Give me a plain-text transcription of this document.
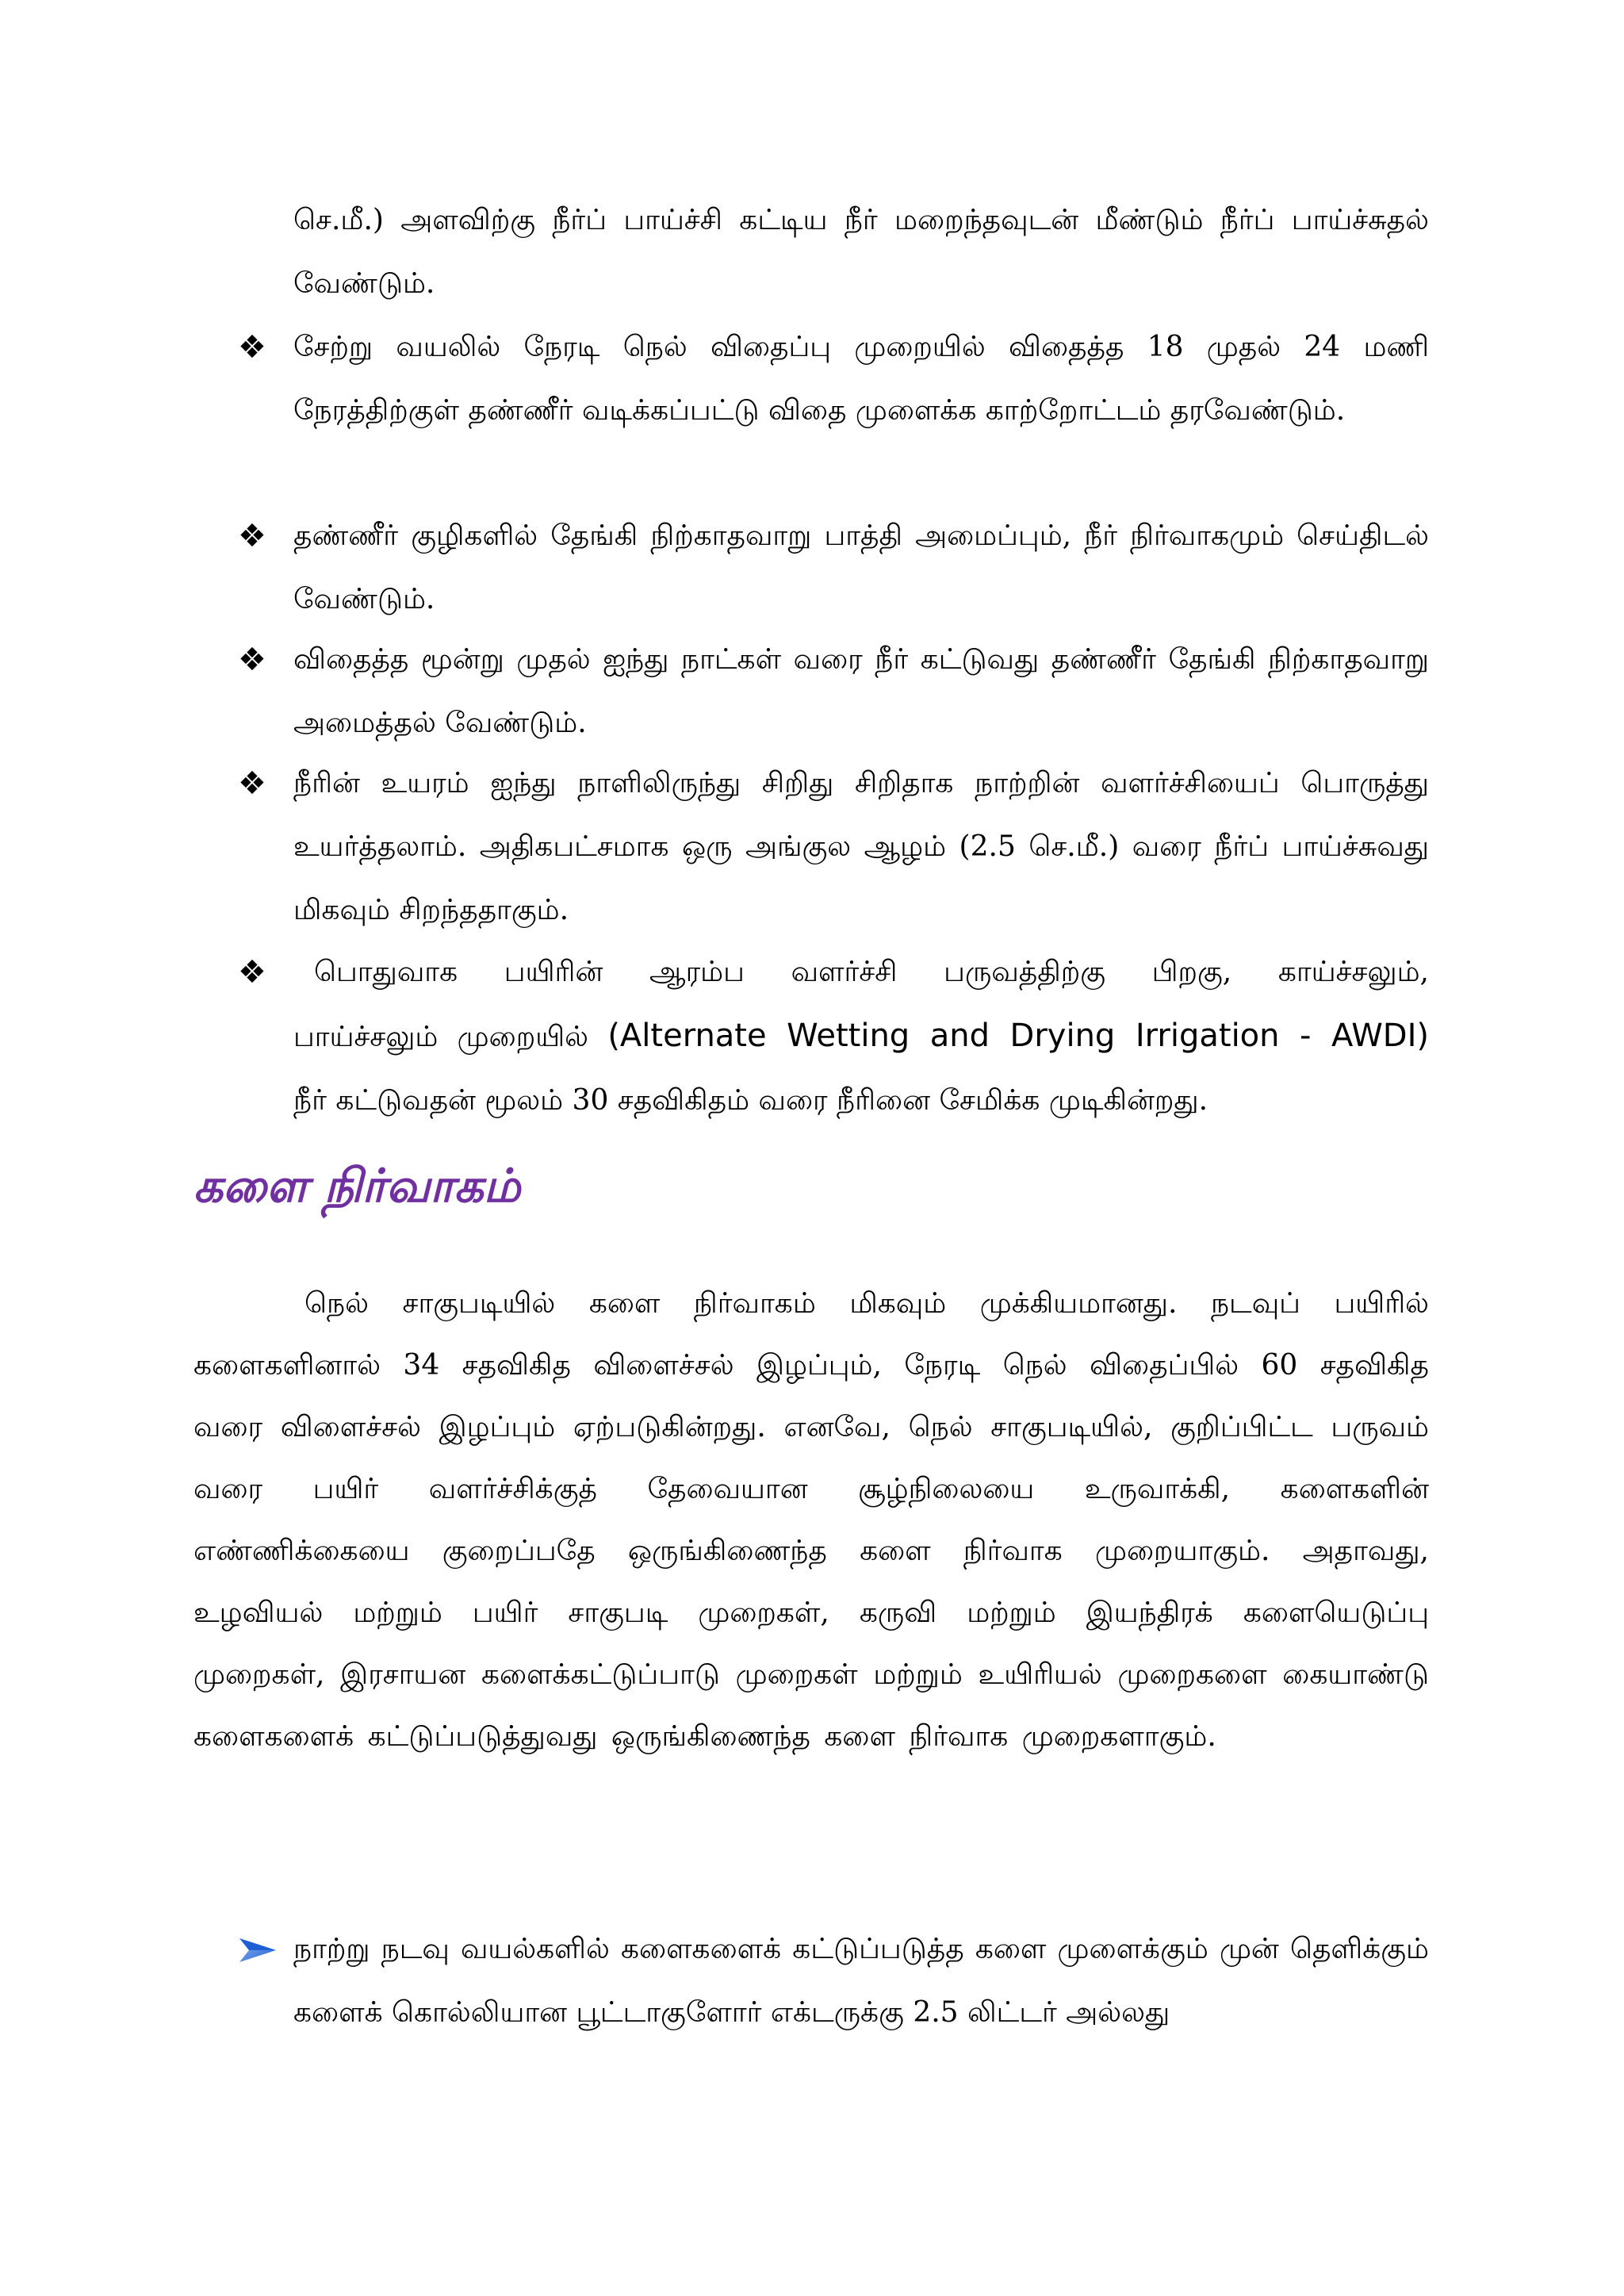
செ.மீ.) அளவிற்கு நீர்ப் பாய்ச்சி கட்டிய நீர் மறைந்தவுடன் மீண்டும் நீர்ப் பாய்ச்சுதல் வேண்டும்.
❖ சேற்று வயலில் நேரடி நெல் விதைப்பு முறையில் விதைத்த 18 முதல் 24 மணி நேரத்திற்குள் தண்ணீர் வடிக்கப்பட்டு விதை முளைக்க காற்றோட்டம் தரவேண்டும்.
❖ தண்ணீர் குழிகளில் தேங்கி நிற்காதவாறு பாத்தி அமைப்பும், நீர் நிர்வாகமும் செய்திடல் வேண்டும்.
❖ விதைத்த மூன்று முதல் ஐந்து நாட்கள் வரை நீர் கட்டுவது தண்ணீர் தேங்கி நிற்காதவாறு அமைத்தல் வேண்டும்.
❖ நீரின் உயரம் ஐந்து நாளிலிருந்து சிறிது சிறிதாக நாற்றின் வளர்ச்சியைப் பொருத்து உயர்த்தலாம். அதிகபட்சமாக ஒரு அங்குல ஆழம் (2.5 செ.மீ.) வரை நீர்ப் பாய்ச்சுவது மிகவும் சிறந்ததாகும்.
❖	பொதுவாக பயிரின் ஆரம்ப வளர்ச்சி பருவத்திற்கு பிறகு, காய்ச்சலும்,
பாய்ச்சலும் முறையில் (Alternate Wetting and Drying Irrigation - AWDI)
நீர் கட்டுவதன் மூலம் 30 சதவிகிதம் வரை நீரினை சேமிக்க முடிகின்றது.
களை நிர்வாகம்
நெல் சாகுபடியில் களை நிர்வாகம் மிகவும் முக்கியமானது. நடவுப் பயிரில் களைகளினால் 34 சதவிகித விளைச்சல் இழப்பும், நேரடி நெல் விதைப்பில் 60 சதவிகித வரை விளைச்சல் இழப்பும் ஏற்படுகின்றது. எனவே, நெல் சாகுபடியில், குறிப்பிட்ட பருவம் வரை பயிர் வளர்ச்சிக்குத் தேவையான சூழ்நிலையை உருவாக்கி, களைகளின் எண்ணிக்கையை குறைப்பதே ஒருங்கிணைந்த களை நிர்வாக முறையாகும். அதாவது, உழவியல் மற்றும் பயிர் சாகுபடி முறைகள், கருவி மற்றும் இயந்திரக் களையெடுப்பு முறைகள், இரசாயன களைக்கட்டுப்பாடு முறைகள் மற்றும் உயிரியல் முறைகளை கையாண்டு களைகளைக் கட்டுப்படுத்துவது ஒருங்கிணைந்த களை நிர்வாக முறைகளாகும்.
நாற்று நடவு வயல்களில் களைகளைக் கட்டுப்படுத்த களை முளைக்கும் முன் தெளிக்கும் களைக் கொல்லியான பூட்டாகுளோர் எக்டருக்கு 2.5 லிட்டர் அல்லது
